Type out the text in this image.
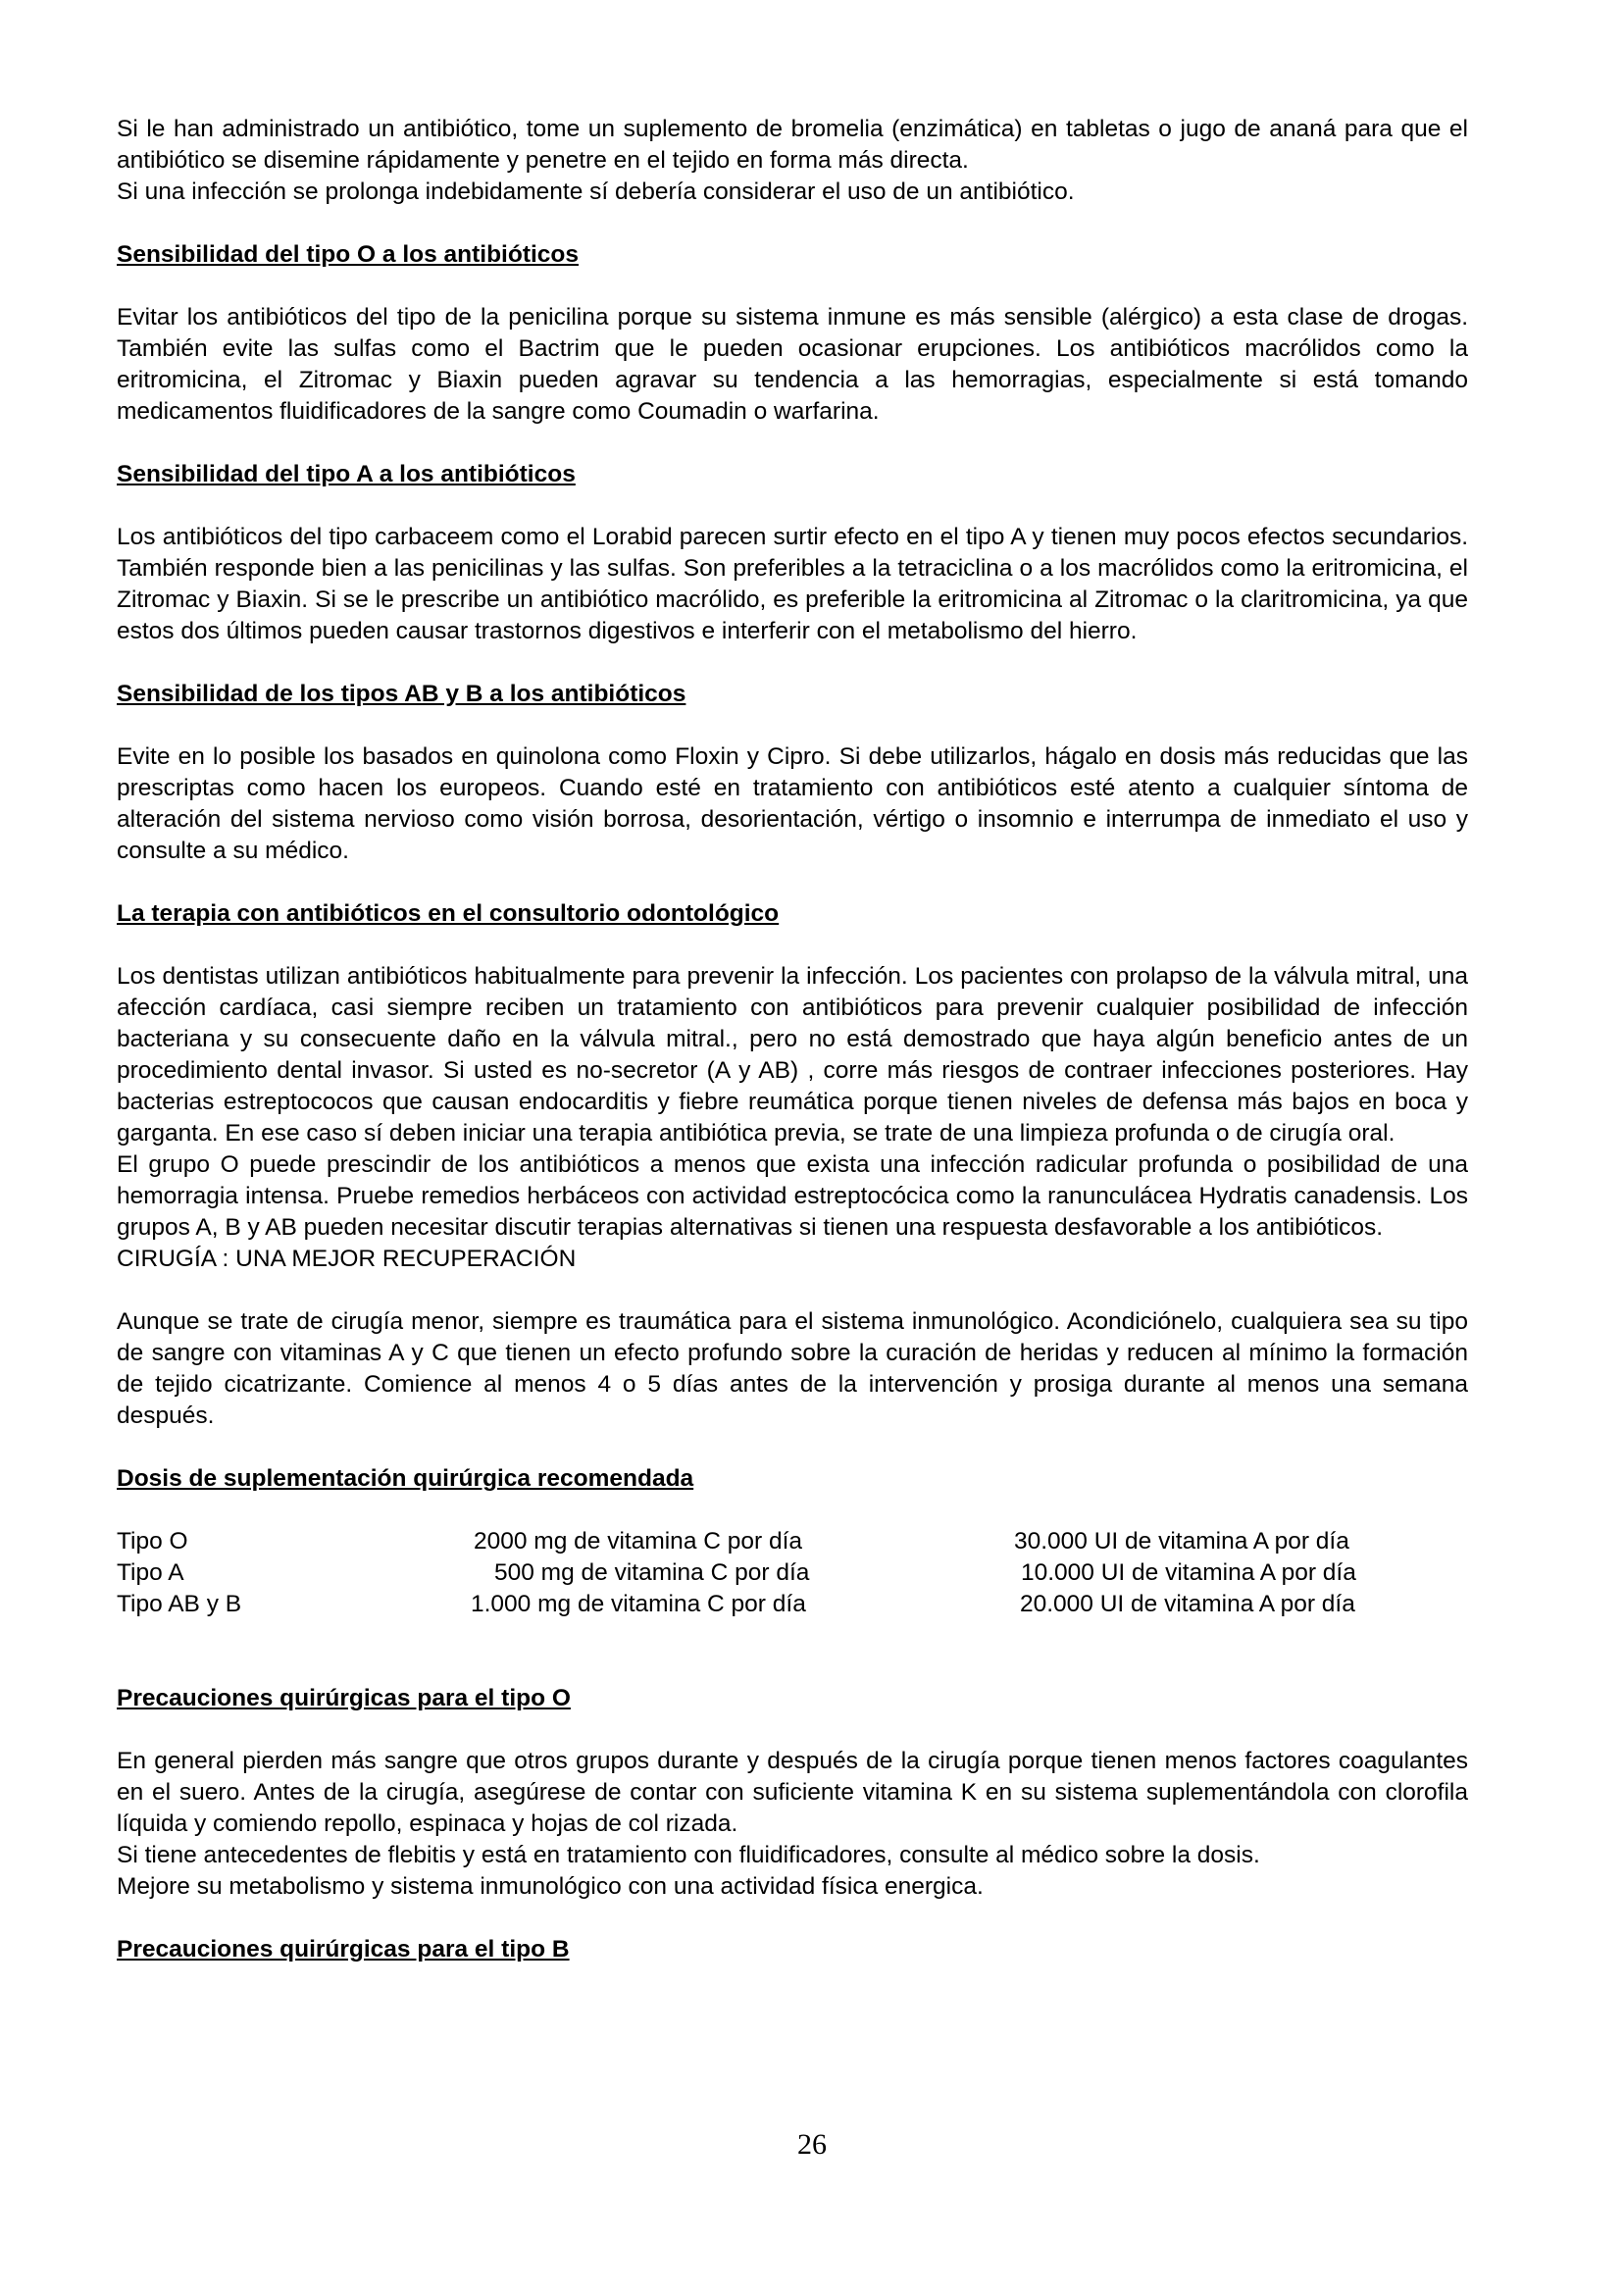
Si le han administrado un antibiótico, tome un suplemento de bromelia (enzimática) en tabletas o jugo de ananá para que el antibiótico se disemine rápidamente y penetre en el tejido en forma más directa.

Si una infección se prolonga indebidamente sí debería considerar el uso de un antibiótico.

Sensibilidad del tipo O a los antibióticos

Evitar los antibióticos del tipo de la penicilina porque su sistema inmune es más sensible (alérgico) a esta clase de drogas. También evite las sulfas como el Bactrim que le pueden ocasionar erupciones. Los antibióticos macrólidos como la eritromicina, el Zitromac y Biaxin pueden agravar su tendencia a las hemorragias, especialmente si está tomando medicamentos fluidificadores de la sangre como Coumadin o warfarina.

Sensibilidad del tipo A a los antibióticos

Los antibióticos del tipo carbaceem como el Lorabid parecen surtir efecto en el tipo A y tienen muy pocos efectos secundarios. También responde bien a las penicilinas y las sulfas. Son preferibles a la tetraciclina o a los macrólidos como la eritromicina, el Zitromac y Biaxin. Si se le prescribe un antibiótico macrólido, es preferible la eritromicina al Zitromac o la claritromicina, ya que estos dos últimos pueden causar trastornos digestivos e interferir con el metabolismo del hierro.

Sensibilidad de los tipos AB y B a los antibióticos

Evite en lo posible los basados en quinolona como Floxin y Cipro. Si debe utilizarlos, hágalo en dosis más reducidas que las prescriptas como hacen los europeos. Cuando esté en tratamiento con antibióticos esté atento a cualquier síntoma de alteración del sistema nervioso como visión borrosa, desorientación, vértigo o insomnio e interrumpa de inmediato el uso y consulte a su médico.

La terapia con antibióticos en el consultorio odontológico

Los dentistas utilizan antibióticos habitualmente para prevenir la infección. Los pacientes con prolapso de la válvula mitral, una afección cardíaca, casi siempre reciben un tratamiento con antibióticos para prevenir cualquier posibilidad de infección bacteriana y su consecuente daño en la válvula mitral., pero no está demostrado que haya algún beneficio antes de un procedimiento dental invasor. Si usted es no-secretor (A y AB) , corre más riesgos de contraer infecciones posteriores. Hay bacterias estreptococos que causan endocarditis y fiebre reumática porque tienen niveles de defensa más bajos en boca y garganta. En ese caso sí deben iniciar una terapia antibiótica previa, se trate de una limpieza profunda o de cirugía oral.

El grupo O puede prescindir de los antibióticos a menos que exista una infección radicular profunda o posibilidad de una hemorragia intensa. Pruebe remedios herbáceos con actividad estreptocócica como la ranunculácea Hydratis canadensis. Los grupos A, B y AB pueden necesitar discutir terapias alternativas si tienen una respuesta desfavorable a los antibióticos.

CIRUGÍA : UNA MEJOR RECUPERACIÓN

Aunque se trate de cirugía menor, siempre es traumática para el sistema inmunológico. Acondiciónelo, cualquiera sea su tipo de sangre con vitaminas A y C que tienen un efecto profundo sobre la curación de heridas y reducen al mínimo la formación de tejido cicatrizante. Comience al menos 4 o 5 días antes de la intervención y prosiga durante al menos una semana después.

Dosis de suplementación quirúrgica recomendada

Tipo O	2000 mg de vitamina C por día	30.000 UI de vitamina A por día
Tipo A	500 mg de vitamina C por día	10.000 UI de vitamina A por día
Tipo AB y B	1.000 mg de vitamina C por día	20.000 UI de vitamina A por día

Precauciones quirúrgicas para el tipo O

En general pierden más sangre que otros grupos durante y después de la cirugía porque tienen menos factores coagulantes en el suero. Antes de la cirugía, asegúrese de contar con suficiente vitamina K en su sistema suplementándola con clorofila líquida y comiendo repollo, espinaca y hojas de col rizada.

Si tiene antecedentes de flebitis y está en tratamiento con fluidificadores, consulte al médico sobre la dosis.

Mejore su metabolismo y sistema inmunológico con una actividad física energica.

Precauciones quirúrgicas para el tipo B

26
